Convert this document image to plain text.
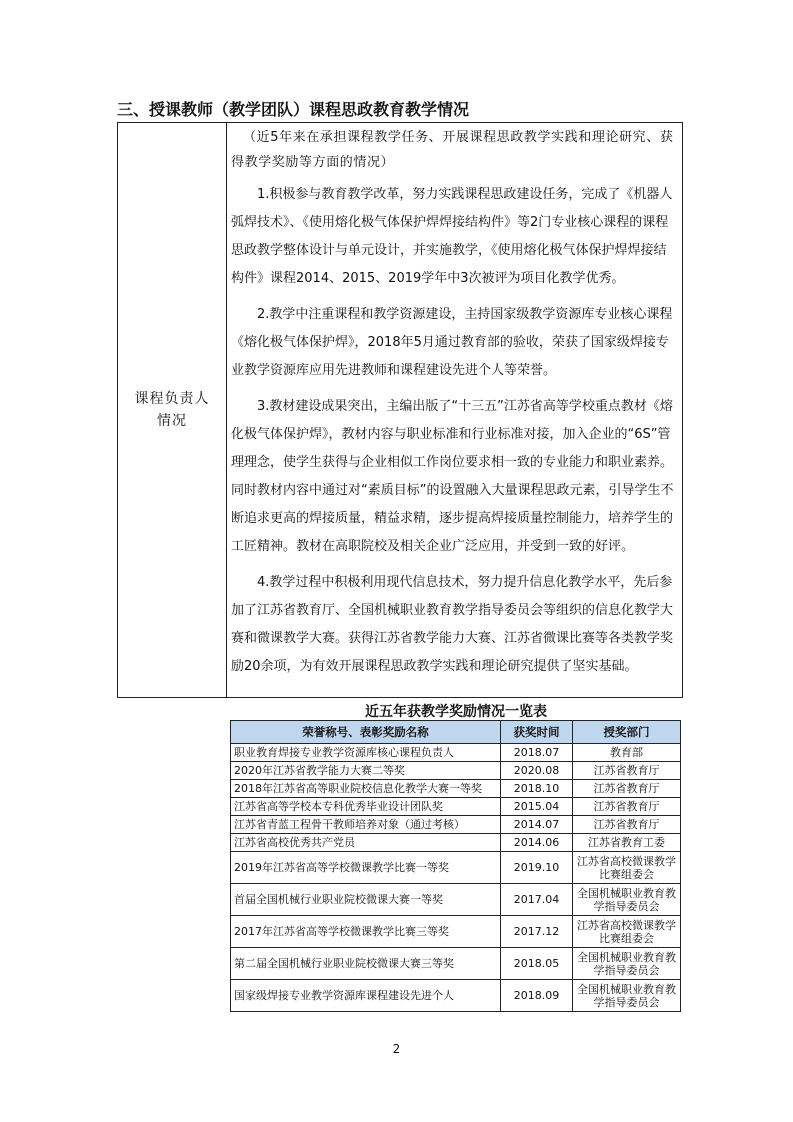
三、授课教师（教学团队）课程思政教育教学情况
课程负责人
情况

（近5年来在承担课程教学任务、开展课程思政教学实践和理论研究、获得教学奖励等方面的情况）

1.积极参与教育教学改革，努力实践课程思政建设任务，完成了《机器人弧焊技术》、《使用熔化极气体保护焊焊接结构件》等2门专业核心课程的课程思政教学整体设计与单元设计，并实施教学，《使用熔化极气体保护焊焊接结构件》课程2014、2015、2019学年中3次被评为项目化教学优秀。

2.教学中注重课程和教学资源建设，主持国家级教学资源库专业核心课程《熔化极气体保护焊》，2018年5月通过教育部的验收，荣获了国家级焊接专业教学资源库应用先进教师和课程建设先进个人等荣誉。

3.教材建设成果突出，主编出版了“十三五”江苏省高等学校重点教材《熔化极气体保护焊》，教材内容与职业标准和行业标准对接，加入企业的“6S”管理理念，使学生获得与企业相似工作岗位要求相一致的专业能力和职业素养。同时教材内容中通过对“素质目标”的设置融入大量课程思政元素，引导学生不断追求更高的焊接质量，精益求精，逐步提高焊接质量控制能力，培养学生的工匠精神。教材在高职院校及相关企业广泛应用，并受到一致的好评。

4.教学过程中积极利用现代信息技术，努力提升信息化教学水平，先后参加了江苏省教育厅、全国机械职业教育教学指导委员会等组织的信息化教学大赛和微课教学大赛。获得江苏省教学能力大赛、江苏省微课比赛等各类教学奖励20余项，为有效开展课程思政教学实践和理论研究提供了坚实基础。

近五年获教学奖励情况一览表
荣誉称号、表彰奖励名称	获奖时间	授奖部门
职业教育焊接专业教学资源库核心课程负责人	2018.07	教育部
2020年江苏省教学能力大赛二等奖	2020.08	江苏省教育厅
2018年江苏省高等职业院校信息化教学大赛一等奖	2018.10	江苏省教育厅
江苏省高等学校本专科优秀毕业设计团队奖	2015.04	江苏省教育厅
江苏省青蓝工程骨干教师培养对象（通过考核）	2014.07	江苏省教育厅
江苏省高校优秀共产党员	2014.06	江苏省教育工委
2019年江苏省高等学校微课教学比赛一等奖	2019.10	江苏省高校微课教学比赛组委会
首届全国机械行业职业院校微课大赛一等奖	2017.04	全国机械职业教育教学指导委员会
2017年江苏省高等学校微课教学比赛三等奖	2017.12	江苏省高校微课教学比赛组委会
第二届全国机械行业职业院校微课大赛三等奖	2018.05	全国机械职业教育教学指导委员会
国家级焊接专业教学资源库课程建设先进个人	2018.09	全国机械职业教育教学指导委员会
2
